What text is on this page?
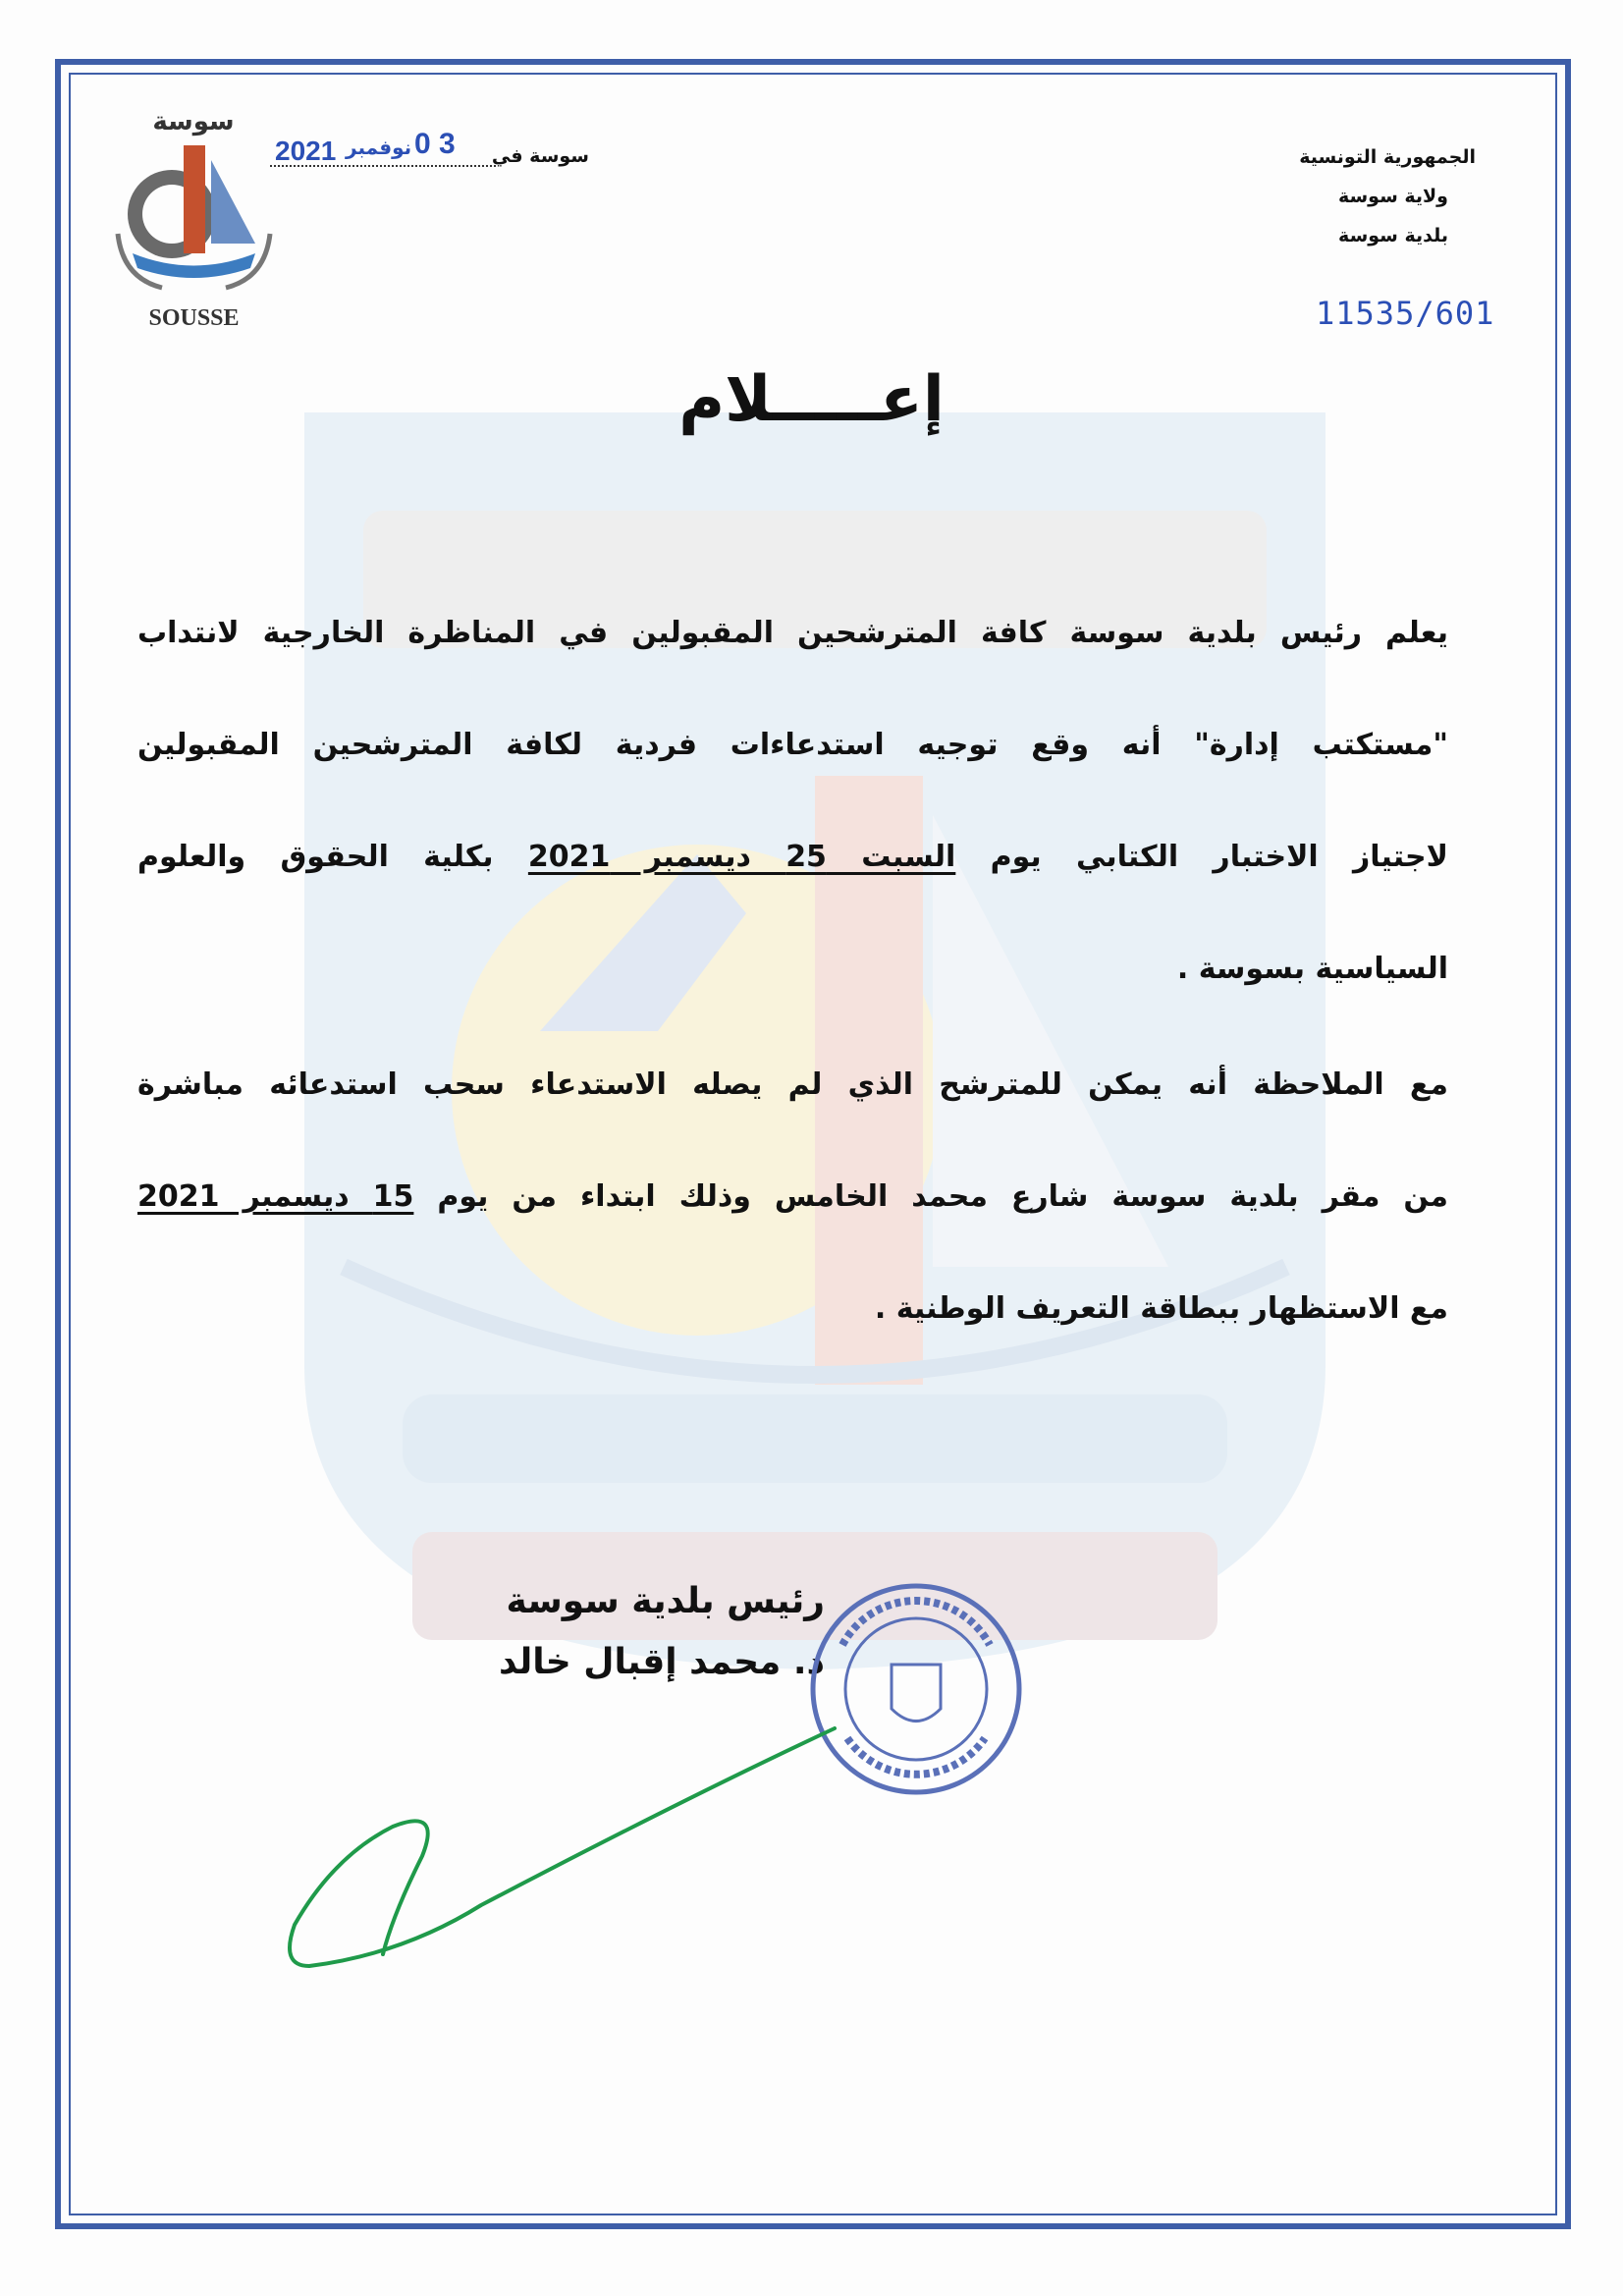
سوسة
SOUSSE
سوسة في
3 0
نوفمبر
2021	الجمهورية التونسية
ولاية سوسة
بلدية سوسة
11535/601
إعـــــلام
يعلم رئيس بلدية سوسة كافة المترشحين المقبولين في المناظرة الخارجية لانتداب
"مستكتب إدارة" أنه وقع توجيه استدعاءات فردية لكافة المترشحين المقبولين
لاجتياز الاختبار الكتابي يوم السبت 25 ديسمبر 2021 بكلية الحقوق والعلوم
السياسية بسوسة .
مع الملاحظة أنه يمكن للمترشح الذي لم يصله الاستدعاء سحب استدعائه مباشرة
من مقر بلدية سوسة شارع محمد الخامس وذلك ابتداء من يوم 15 ديسمبر 2021
مع الاستظهار ببطاقة التعريف الوطنية .
رئيس بلدية سوسة
د. محمد إقبال خالد
